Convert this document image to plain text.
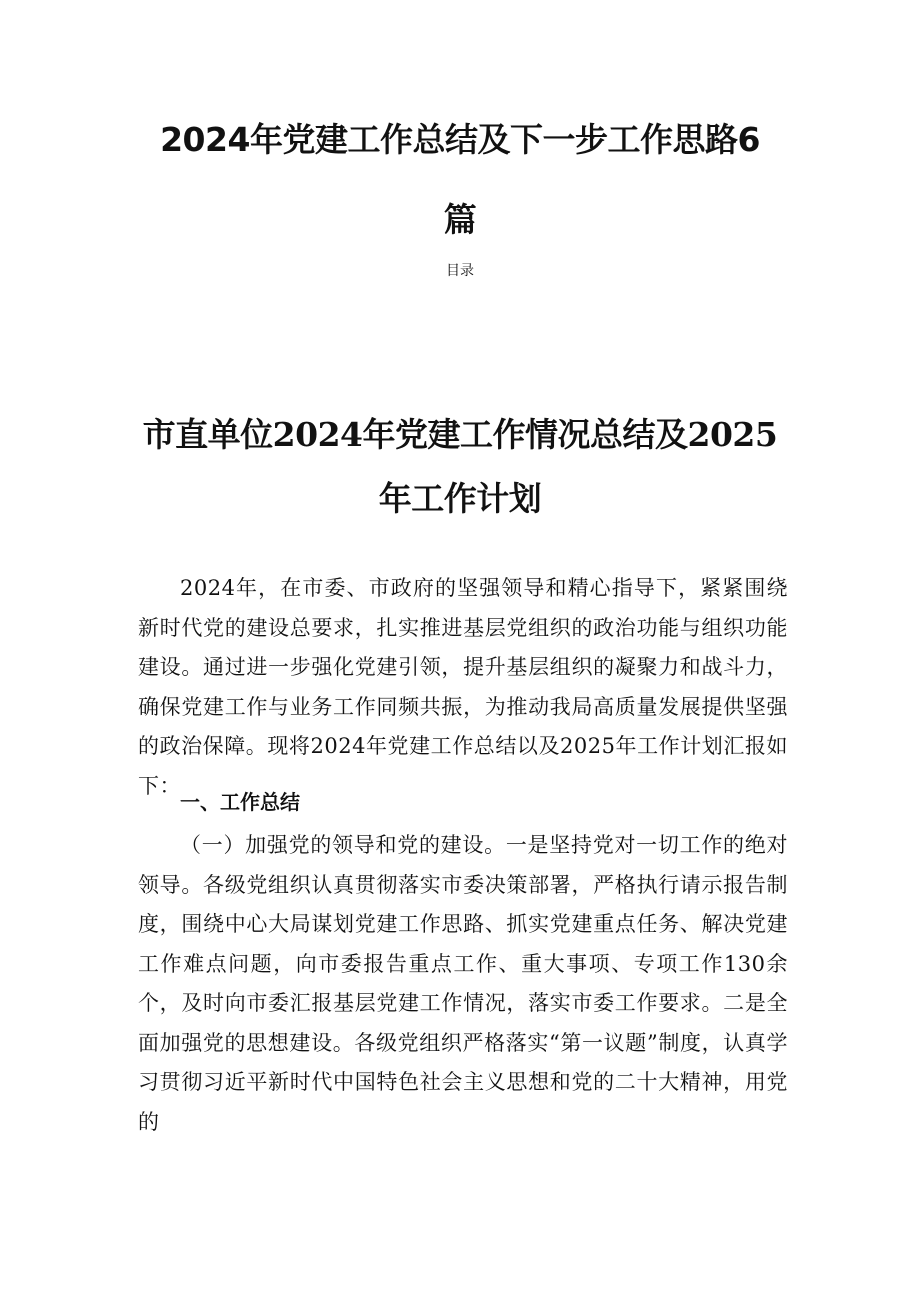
2024年党建工作总结及下一步工作思路6
篇
目录
市直单位2024年党建工作情况总结及2025
年工作计划

2024年，在市委、市政府的坚强领导和精心指导下，紧紧围绕新时代党的建设总要求，扎实推进基层党组织的政治功能与组织功能建设。通过进一步强化党建引领，提升基层组织的凝聚力和战斗力，确保党建工作与业务工作同频共振，为推动我局高质量发展提供坚强的政治保障。现将2024年党建工作总结以及2025年工作计划汇报如下：

一、工作总结

（一）加强党的领导和党的建设。一是坚持党对一切工作的绝对领导。各级党组织认真贯彻落实市委决策部署，严格执行请示报告制度，围绕中心大局谋划党建工作思路、抓实党建重点任务、解决党建工作难点问题，向市委报告重点工作、重大事项、专项工作130余个，及时向市委汇报基层党建工作情况，落实市委工作要求。二是全面加强党的思想建设。各级党组织严格落实“第一议题”制度，认真学习贯彻习近平新时代中国特色社会主义思想和党的二十大精神，用党的
